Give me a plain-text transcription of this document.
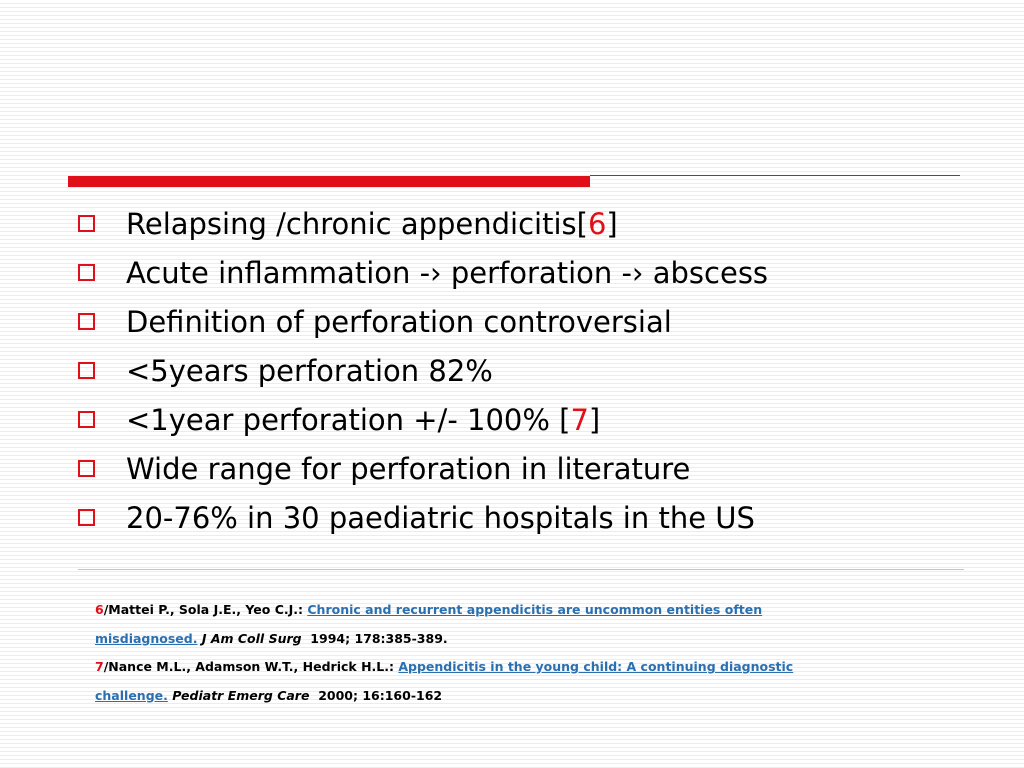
Relapsing /chronic appendicitis[6]
Acute inflammation -› perforation -› abscess
Definition of perforation controversial
<5years perforation 82%
<1year perforation +/- 100% [7]
Wide range for perforation in literature
20-76% in 30 paediatric hospitals in the US

6/Mattei P., Sola J.E., Yeo C.J.: Chronic and recurrent appendicitis are uncommon entities often
misdiagnosed. J Am Coll Surg 1994; 178:385-389.

7/Nance M.L., Adamson W.T., Hedrick H.L.: Appendicitis in the young child: A continuing diagnostic
challenge. Pediatr Emerg Care 2000; 16:160-162
